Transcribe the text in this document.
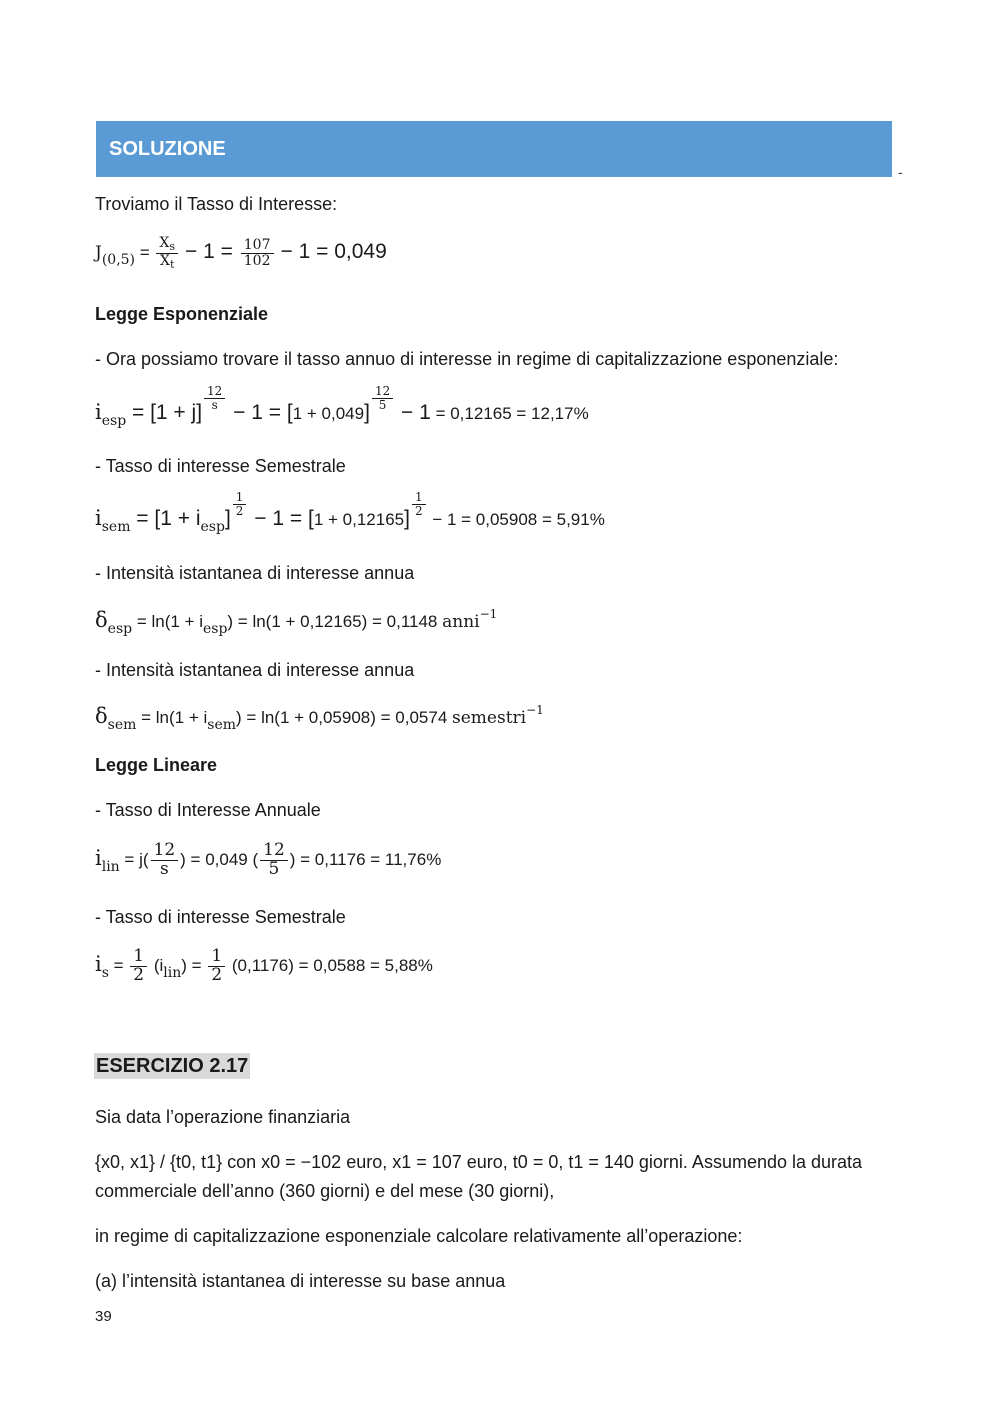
SOLUZIONE
-
Troviamo il Tasso di Interesse:
$J_{(0,5)} = \frac{X_s}{X_t} - 1 = \frac{107}{102} - 1 = 0,049$
Legge Esponenziale
- Ora possiamo trovare il tasso annuo di interesse in regime di capitalizzazione esponenziale:
$i_{esp} = [1 + j]$
$\frac{12}{s}$
− 1 = [1 + 0,049]
$\frac{12}{5}$
− 1 = 0,12165 = 12,17%
- Tasso di interesse Semestrale
$i_{sem} = [1 + i_{esp}]$
$\frac{1}{2}$
− 1 = [1 + 0,12165]
$\frac{1}{2}$
− 1 = 0,05908 = 5,91%
- Intensità istantanea di interesse annua
$\delta_{esp} = \ln(1 + i_{esp}) = \ln(1 + 0,12165) = 0,1148$ anni$^{-1}$
- Intensità istantanea di interesse annua
$\delta_{sem} = \ln(1 + i_{sem}) = \ln(1 + 0,05908) = 0,0574$ semestri$^{-1}$
Legge Lineare
- Tasso di Interesse Annuale
$i_{lin} = j( \frac{12}{s}$ ) = 0,049 ( $\frac{12}{5}$ ) = 0,1176 = 11,76%
- Tasso di interesse Semestrale
$i_s = \frac{1}{2} (i_{lin}) = \frac{1}{2} (0,1176) = 0,0588 = 5,88\%$
ESERCIZIO 2.17
Sia data l’operazione finanziaria
{x0, x1} / {t0, t1} con x0 = −102 euro, x1 = 107 euro, t0 = 0, t1 = 140 giorni. Assumendo la durata
commerciale dell’anno (360 giorni) e del mese (30 giorni),
in regime di capitalizzazione esponenziale calcolare relativamente all’operazione:
(a) l’intensità istantanea di interesse su base annua
39
